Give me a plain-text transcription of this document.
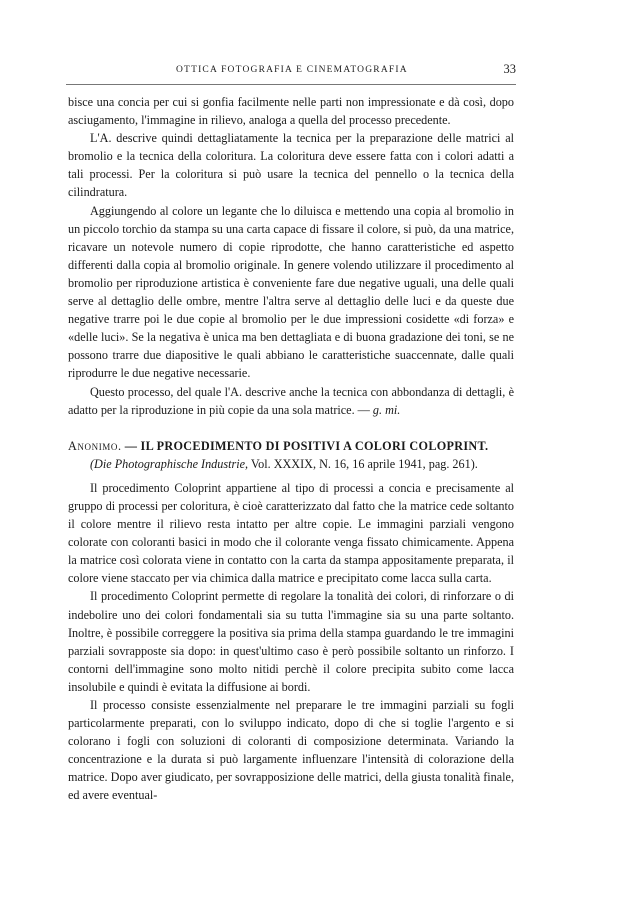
OTTICA FOTOGRAFIA E CINEMATOGRAFIA	33

bisce una concia per cui si gonfia facilmente nelle parti non impressionate e dà così, dopo asciugamento, l'immagine in rilievo, analoga a quella del processo precedente.

L'A. descrive quindi dettagliatamente la tecnica per la preparazione delle matrici al bromolio e la tecnica della coloritura. La coloritura deve essere fatta con i colori adatti a tali processi. Per la coloritura si può usare la tecnica del pennello o la tecnica della cilindratura.

Aggiungendo al colore un legante che lo diluisca e mettendo una copia al bromolio in un piccolo torchio da stampa su una carta capace di fissare il colore, si può, da una matrice, ricavare un notevole numero di copie riprodotte, che hanno caratteristiche ed aspetto differenti dalla copia al bromolio originale. In genere volendo utilizzare il procedimento al bromolio per riproduzione artistica è conveniente fare due negative uguali, una delle quali serve al dettaglio delle ombre, mentre l'altra serve al dettaglio delle luci e da queste due negative trarre poi le due copie al bromolio per le due impressioni cosidette «di forza» e «delle luci». Se la negativa è unica ma ben dettagliata e di buona gradazione dei toni, se ne possono trarre due diapositive le quali abbiano le caratteristiche suaccennate, dalle quali riprodurre le due negative necessarie.

Questo processo, del quale l'A. descrive anche la tecnica con abbondanza di dettagli, è adatto per la riproduzione in più copie da una sola matrice. — g. mi.

Anonimo. — IL PROCEDIMENTO DI POSITIVI A COLORI COLOPRINT.
(Die Photographische Industrie, Vol. XXXIX, N. 16, 16 aprile 1941, pag. 261).

Il procedimento Coloprint appartiene al tipo di processi a concia e precisamente al gruppo di processi per coloritura, è cioè caratterizzato dal fatto che la matrice cede soltanto il colore mentre il rilievo resta intatto per altre copie. Le immagini parziali vengono colorate con coloranti basici in modo che il colorante venga fissato chimicamente. Appena la matrice così colorata viene in contatto con la carta da stampa appositamente preparata, il colore viene staccato per via chimica dalla matrice e precipitato come lacca sulla carta.

Il procedimento Coloprint permette di regolare la tonalità dei colori, di rinforzare o di indebolire uno dei colori fondamentali sia su tutta l'immagine sia su una parte soltanto. Inoltre, è possibile correggere la positiva sia prima della stampa guardando le tre immagini parziali sovrapposte sia dopo: in quest'ultimo caso è però possibile soltanto un rinforzo. I contorni dell'immagine sono molto nitidi perchè il colore precipita subito come lacca insolubile e quindi è evitata la diffusione ai bordi.

Il processo consiste essenzialmente nel preparare le tre immagini parziali su fogli particolarmente preparati, con lo sviluppo indicato, dopo di che si toglie l'argento e si colorano i fogli con soluzioni di coloranti di composizione determinata. Variando la concentrazione e la durata si può largamente influenzare l'intensità di colorazione della matrice. Dopo aver giudicato, per sovrapposizione delle matrici, della giusta tonalità finale, ed avere eventual-
